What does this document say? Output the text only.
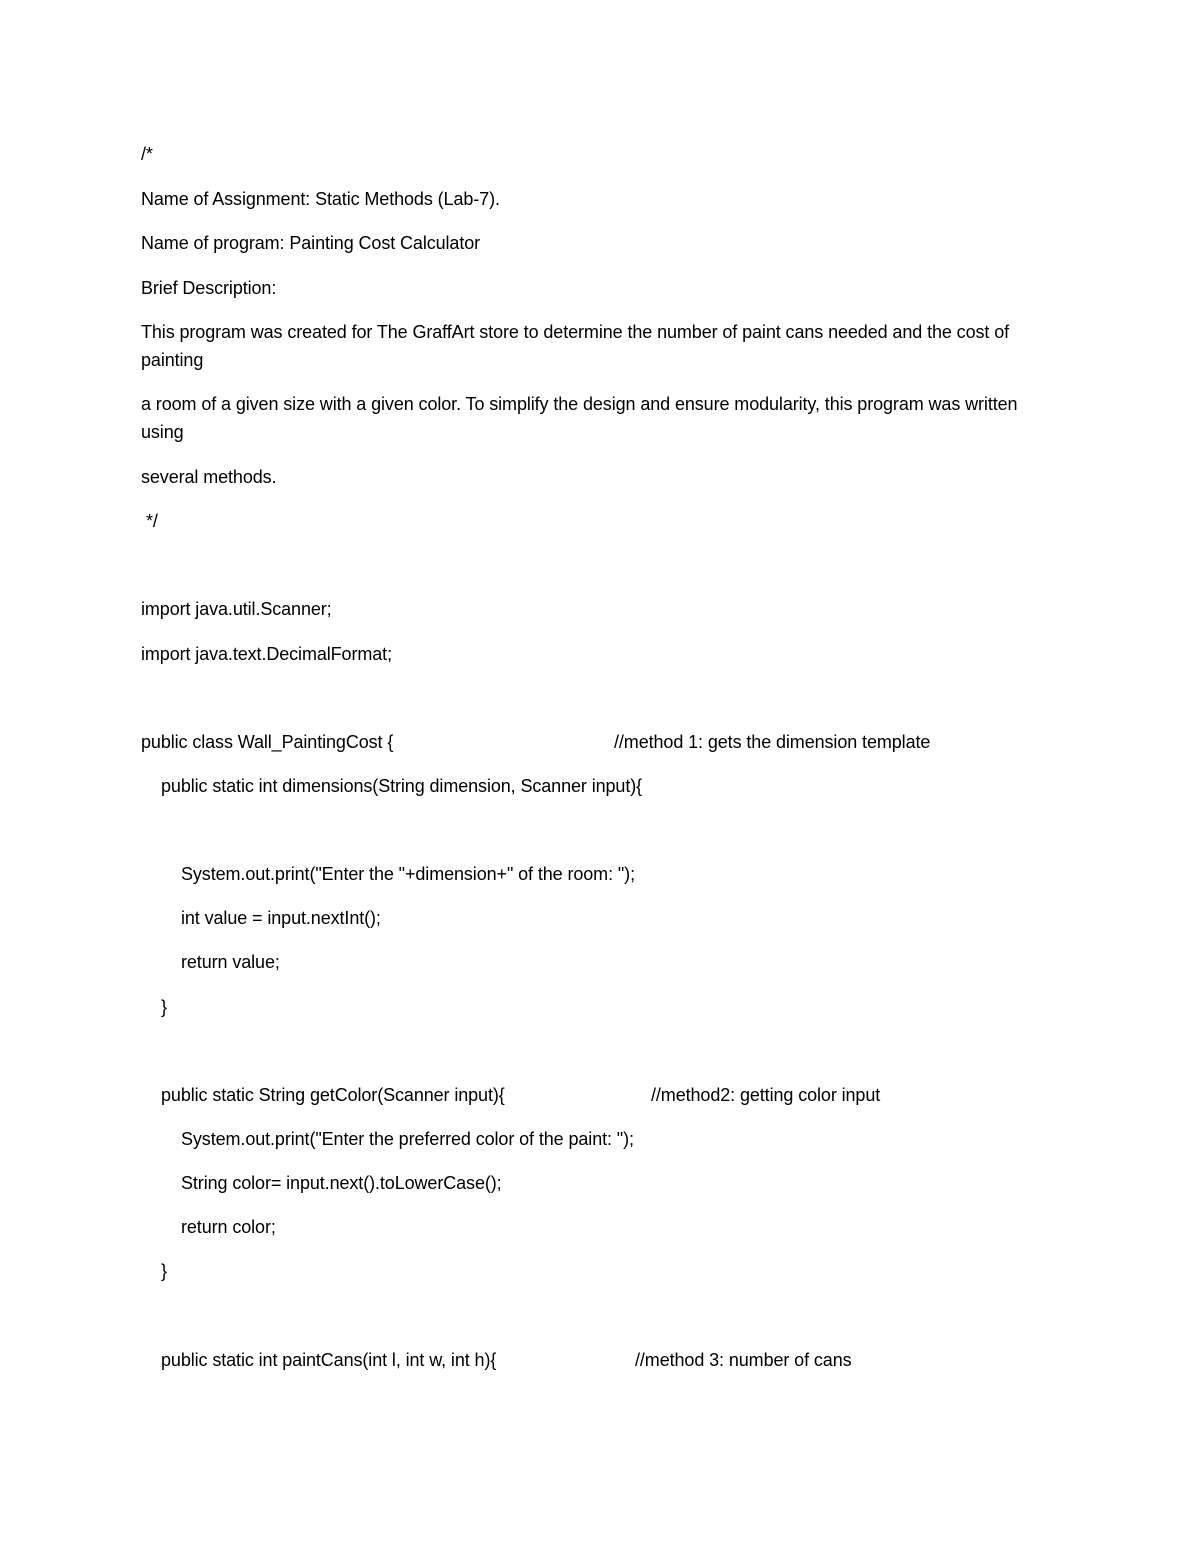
/*

Name of Assignment: Static Methods (Lab-7).

Name of program: Painting Cost Calculator

Brief Description:

This program was created for The GraffArt store to determine the number of paint cans needed and the cost of painting

a room of a given size with a given color. To simplify the design and ensure modularity, this program was written using

several methods.

*/

import java.util.Scanner;

import java.text.DecimalFormat;

public class Wall_PaintingCost {	//method 1: gets the dimension template

public static int dimensions(String dimension, Scanner input){

System.out.print("Enter the "+dimension+" of the room: ");

int value = input.nextInt();

return value;

}

public static String getColor(Scanner input){	//method2: getting color input

System.out.print("Enter the preferred color of the paint: ");

String color= input.next().toLowerCase();

return color;

}

public static int paintCans(int l, int w, int h){	//method 3: number of cans
